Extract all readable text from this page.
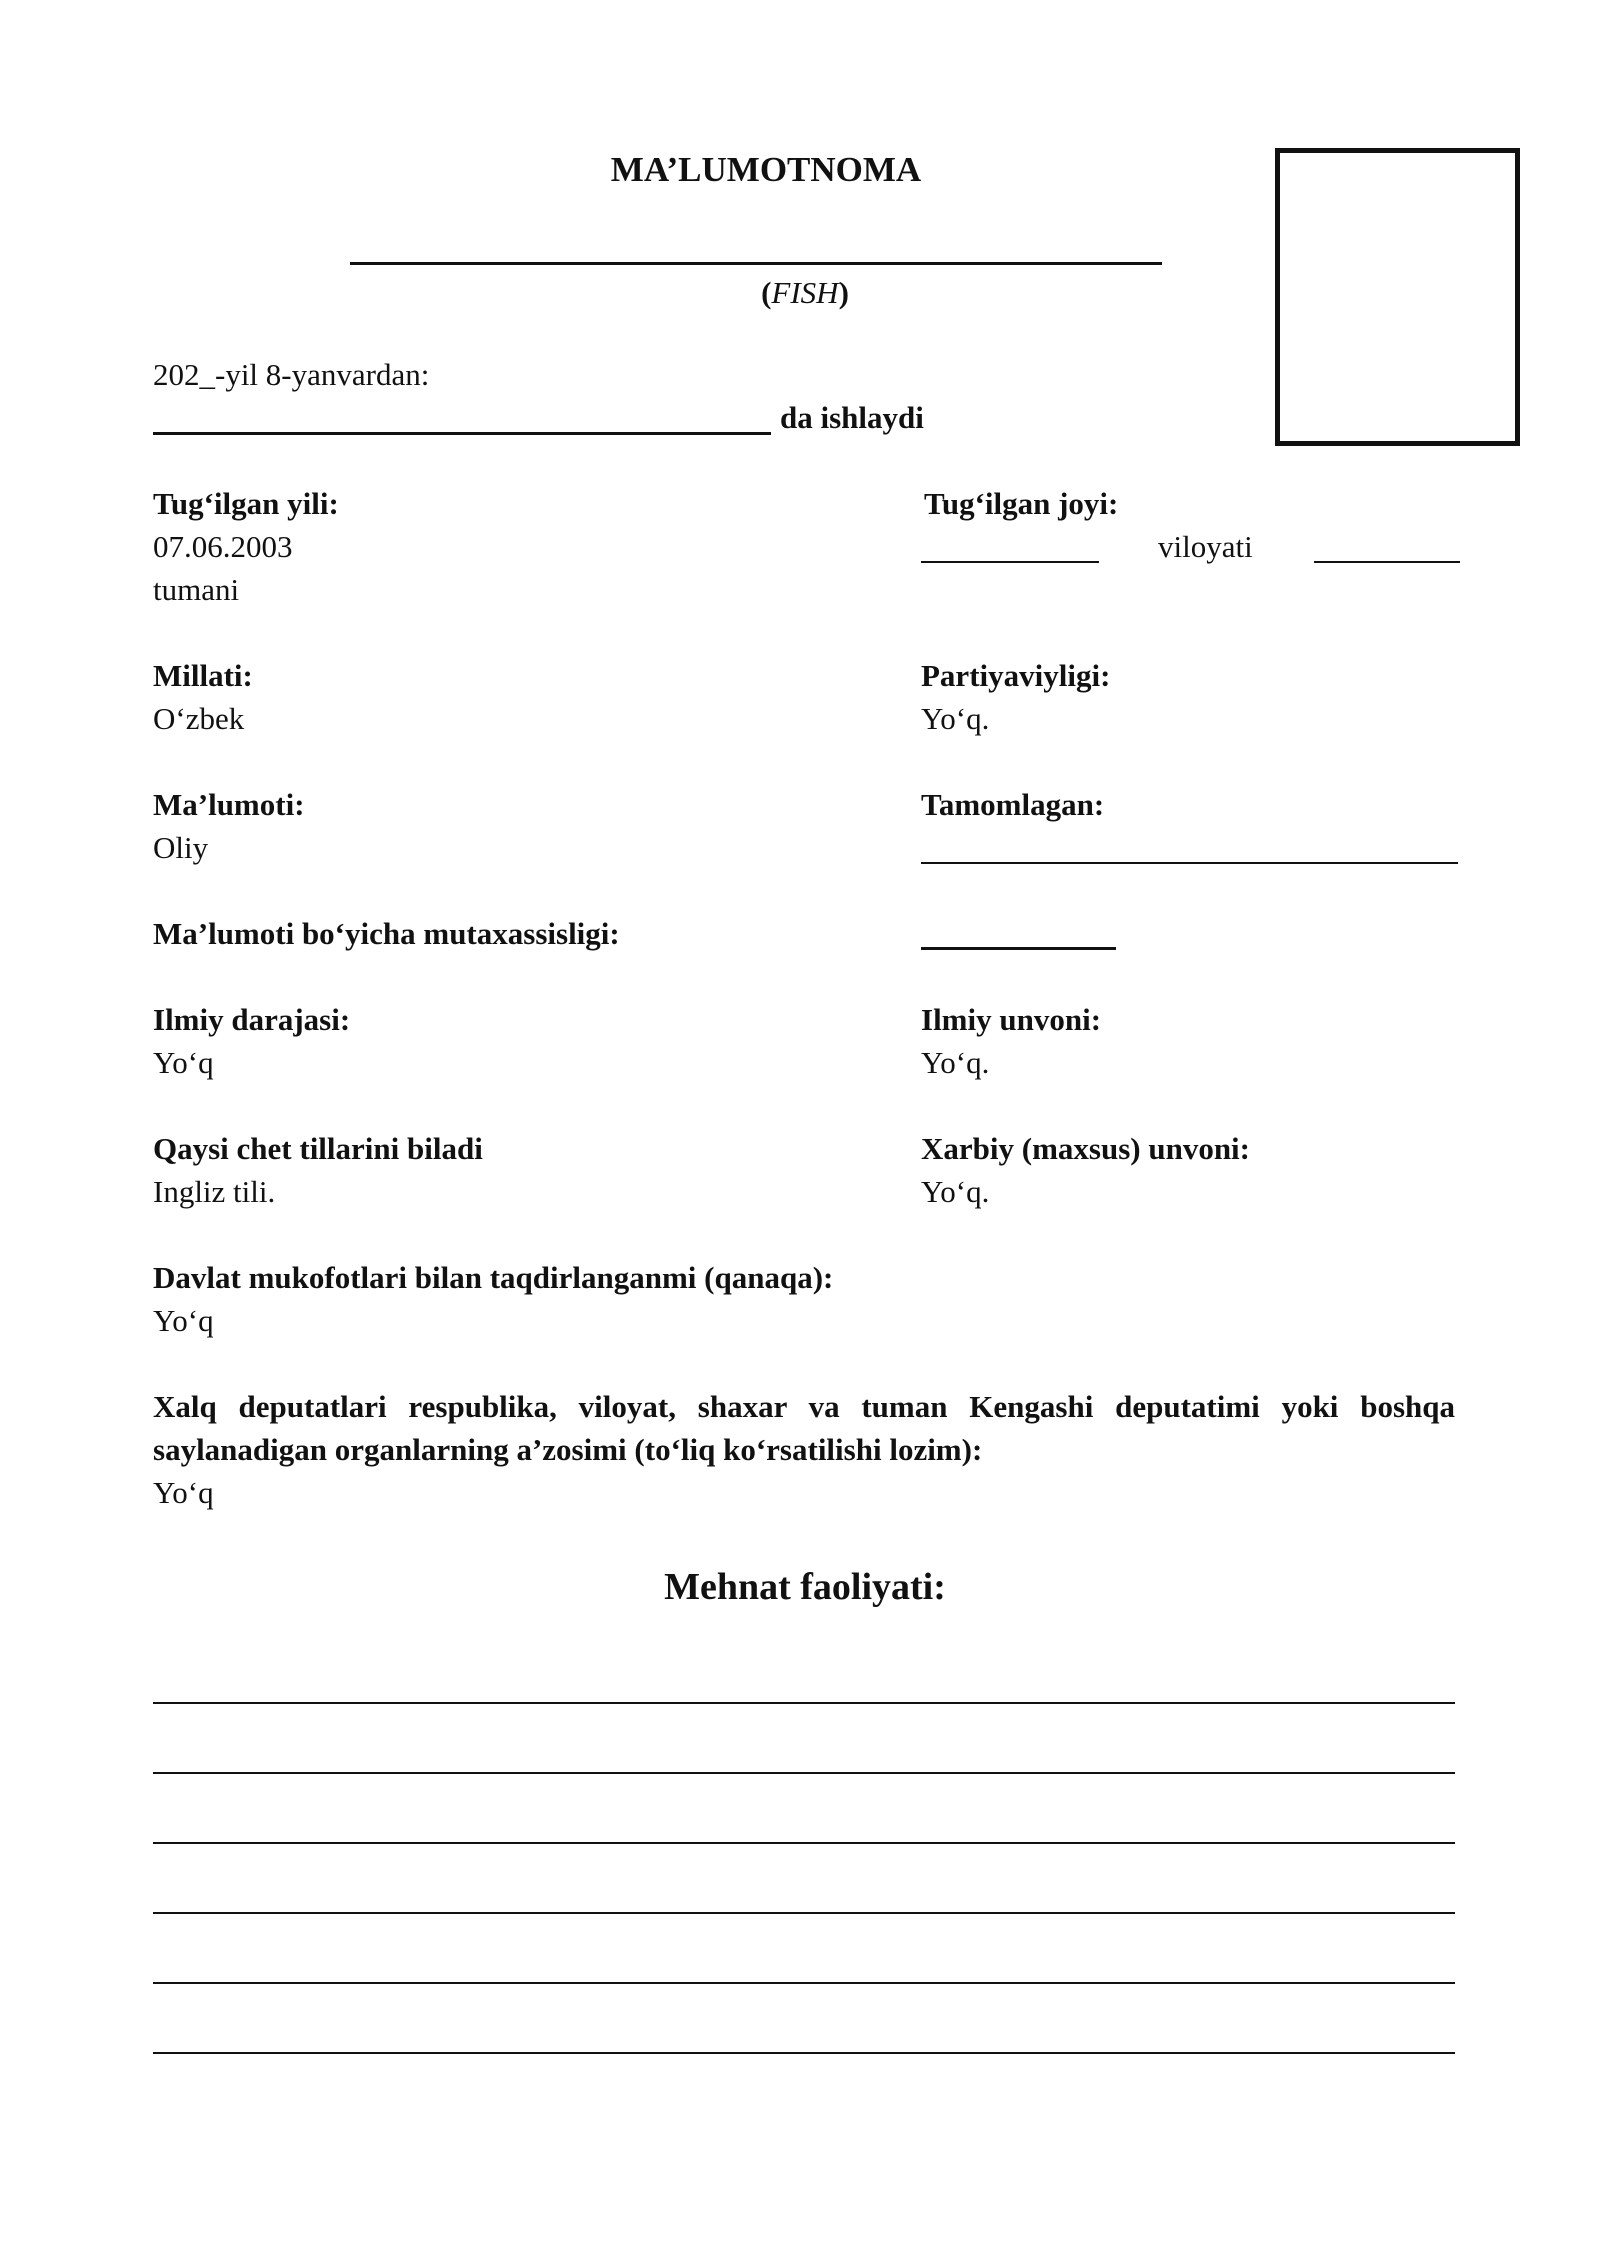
MA’LUMOTNOMA
(FISH)
202_-yil 8-yanvardan:
da ishlaydi
Tug‘ilgan yili:
07.06.2003
tumani
Tug‘ilgan joyi:
viloyati
Millati:
O‘zbek
Partiyaviyligi:
Yo‘q.
Ma’lumoti:
Oliy
Tamomlagan:
Ma’lumoti bo‘yicha mutaxassisligi:
Ilmiy darajasi:
Yo‘q
Ilmiy unvoni:
Yo‘q.
Qaysi chet tillarini biladi
Ingliz tili.
Xarbiy (maxsus) unvoni:
Yo‘q.
Davlat mukofotlari bilan taqdirlanganmi (qanaqa):
Yo‘q
Xalq deputatlari respublika, viloyat, shaxar va tuman Kengashi deputatimi yoki boshqa saylanadigan organlarning a’zosimi (to‘liq ko‘rsatilishi lozim):
Yo‘q
Mehnat faoliyati:
